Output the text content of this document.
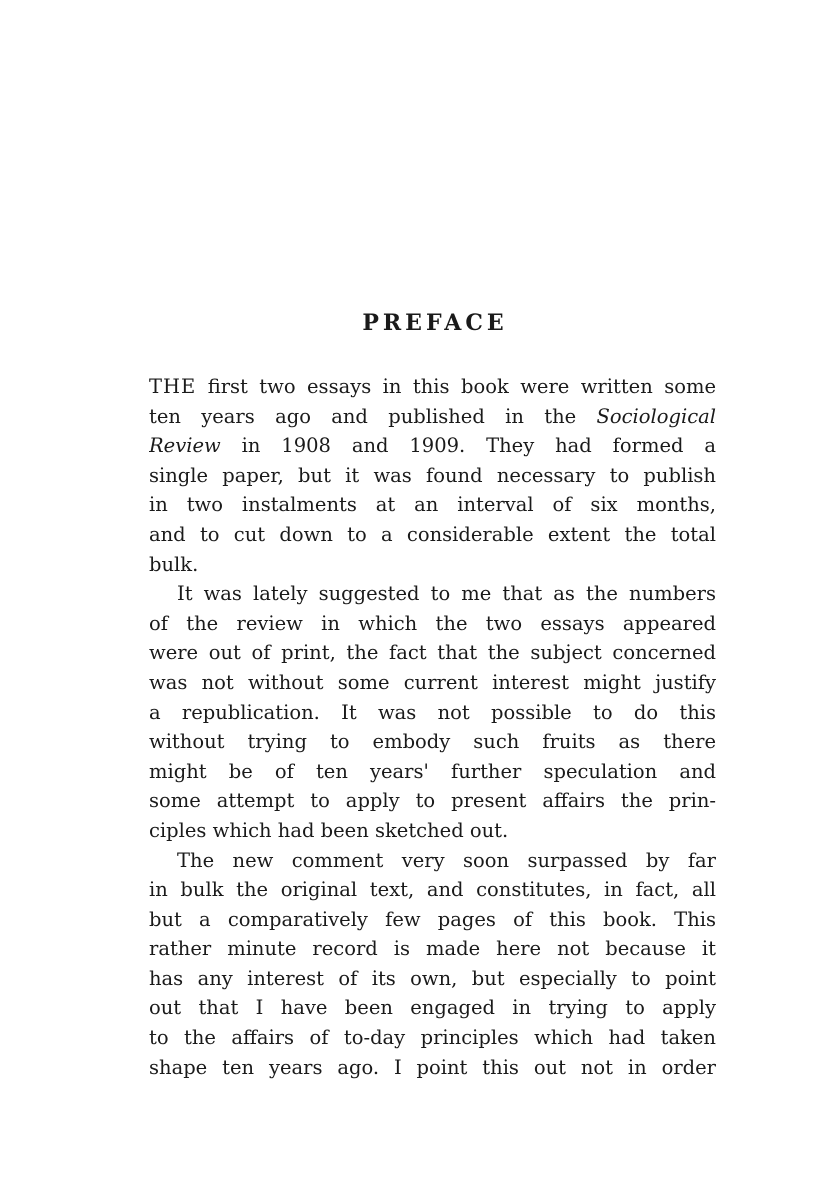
PREFACE
THE first two essays in this book were written some
ten years ago and published in the Sociological
Review in 1908 and 1909. They had formed a
single paper, but it was found necessary to publish
in two instalments at an interval of six months,
and to cut down to a considerable extent the total
bulk.
It was lately suggested to me that as the numbers
of the review in which the two essays appeared
were out of print, the fact that the subject concerned
was not without some current interest might justify
a republication. It was not possible to do this
without trying to embody such fruits as there
might be of ten years' further speculation and
some attempt to apply to present affairs the prin-
ciples which had been sketched out.
The new comment very soon surpassed by far
in bulk the original text, and constitutes, in fact, all
but a comparatively few pages of this book. This
rather minute record is made here not because it
has any interest of its own, but especially to point
out that I have been engaged in trying to apply
to the affairs of to-day principles which had taken
shape ten years ago. I point this out not in order
